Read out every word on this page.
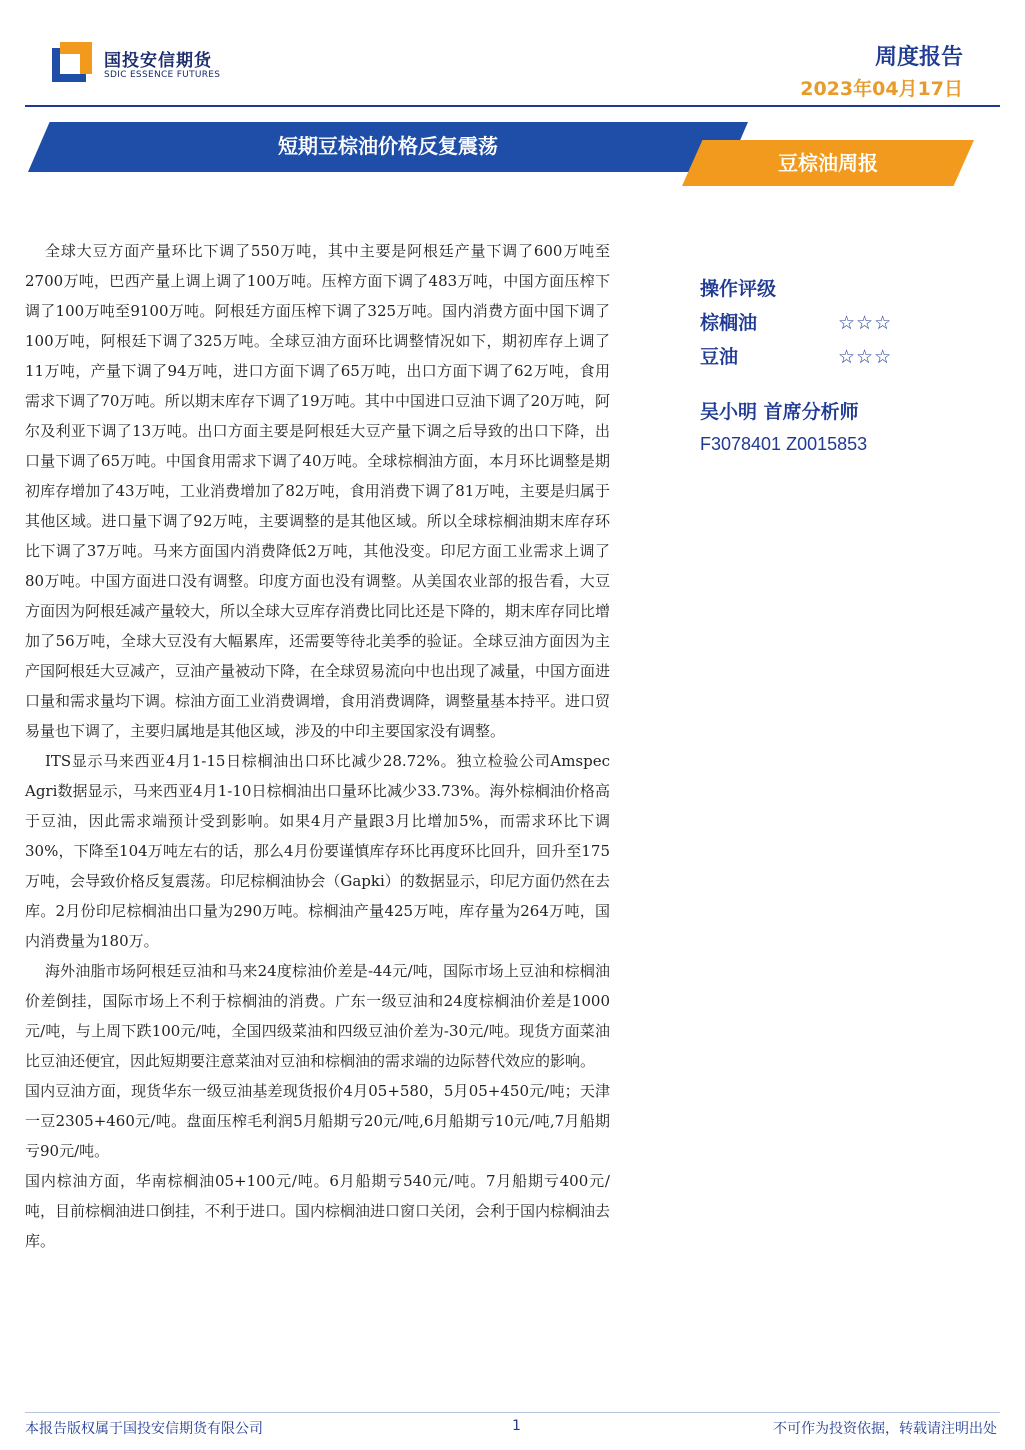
国投安信期货
SDIC ESSENCE FUTURES
周度报告
2023年04月17日
短期豆棕油价格反复震荡
豆棕油周报

全球大豆方面产量环比下调了550万吨，其中主要是阿根廷产量下调了600万吨至2700万吨，巴西产量上调上调了100万吨。压榨方面下调了483万吨，中国方面压榨下调了100万吨至9100万吨。阿根廷方面压榨下调了325万吨。国内消费方面中国下调了100万吨，阿根廷下调了325万吨。全球豆油方面环比调整情况如下，期初库存上调了11万吨，产量下调了94万吨，进口方面下调了65万吨，出口方面下调了62万吨，食用需求下调了70万吨。所以期末库存下调了19万吨。其中中国进口豆油下调了20万吨，阿尔及利亚下调了13万吨。出口方面主要是阿根廷大豆产量下调之后导致的出口下降，出口量下调了65万吨。中国食用需求下调了40万吨。全球棕榈油方面，本月环比调整是期初库存增加了43万吨，工业消费增加了82万吨，食用消费下调了81万吨，主要是归属于其他区域。进口量下调了92万吨，主要调整的是其他区域。所以全球棕榈油期末库存环比下调了37万吨。马来方面国内消费降低2万吨，其他没变。印尼方面工业需求上调了80万吨。中国方面进口没有调整。印度方面也没有调整。从美国农业部的报告看，大豆方面因为阿根廷减产量较大，所以全球大豆库存消费比同比还是下降的，期末库存同比增加了56万吨，全球大豆没有大幅累库，还需要等待北美季的验证。全球豆油方面因为主产国阿根廷大豆减产，豆油产量被动下降，在全球贸易流向中也出现了减量，中国方面进口量和需求量均下调。棕油方面工业消费调增，食用消费调降，调整量基本持平。进口贸易量也下调了，主要归属地是其他区域，涉及的中印主要国家没有调整。

ITS显示马来西亚4月1-15日棕榈油出口环比减少28.72%。独立检验公司Amspec Agri数据显示，马来西亚4月1-10日棕榈油出口量环比减少33.73%。海外棕榈油价格高于豆油，因此需求端预计受到影响。如果4月产量跟3月比增加5%，而需求环比下调30%，下降至104万吨左右的话，那么4月份要谨慎库存环比再度环比回升，回升至175万吨，会导致价格反复震荡。印尼棕榈油协会（Gapki）的数据显示，印尼方面仍然在去库。2月份印尼棕榈油出口量为290万吨。棕榈油产量425万吨，库存量为264万吨，国内消费量为180万。

海外油脂市场阿根廷豆油和马来24度棕油价差是-44元/吨，国际市场上豆油和棕榈油价差倒挂，国际市场上不利于棕榈油的消费。广东一级豆油和24度棕榈油价差是1000元/吨，与上周下跌100元/吨，全国四级菜油和四级豆油价差为-30元/吨。现货方面菜油比豆油还便宜，因此短期要注意菜油对豆油和棕榈油的需求端的边际替代效应的影响。

国内豆油方面，现货华东一级豆油基差现货报价4月05+580，5月05+450元/吨；天津一豆2305+460元/吨。盘面压榨毛利润5月船期亏20元/吨,6月船期亏10元/吨,7月船期亏90元/吨。

国内棕油方面，华南棕榈油05+100元/吨。6月船期亏540元/吨。7月船期亏400元/吨，目前棕榈油进口倒挂，不利于进口。国内棕榈油进口窗口关闭，会利于国内棕榈油去库。

操作评级
棕榈油	☆☆☆
豆油	☆☆☆
吴小明 首席分析师
F3078401 Z0015853
本报告版权属于国投安信期货有限公司	1	不可作为投资依据，转载请注明出处
